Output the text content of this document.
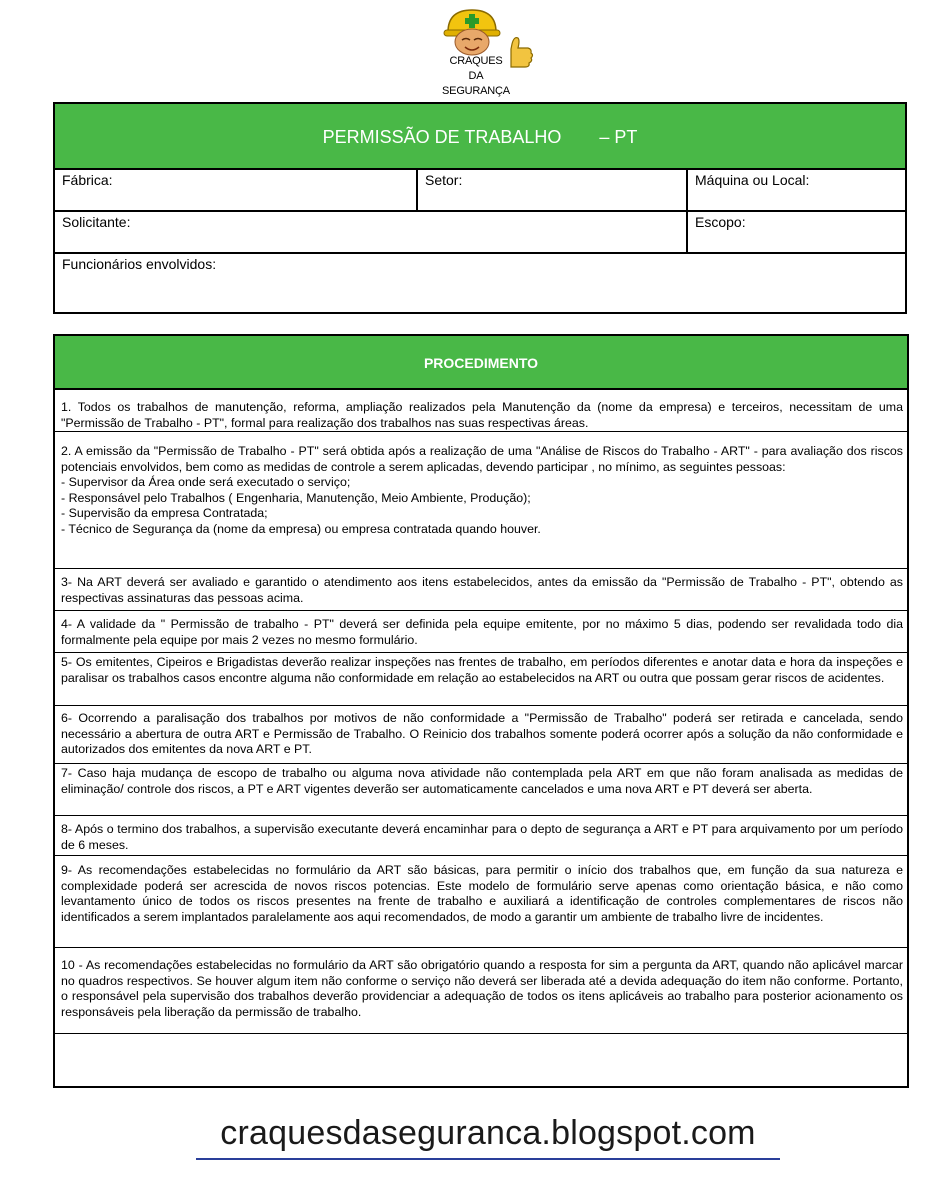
CRAQUES
DA
SEGURANÇA
PERMISSÃO DE TRABALHO – PT
Fábrica:	Setor:	Máquina ou Local:
Solicitante:	Escopo:
Funcionários envolvidos:
PROCEDIMENTO
1. Todos os trabalhos de manutenção, reforma, ampliação realizados pela Manutenção da (nome da empresa) e terceiros, necessitam de uma "Permissão de Trabalho - PT", formal para realização dos trabalhos nas suas respectivas áreas.
2. A emissão da "Permissão de Trabalho - PT" será obtida após a realização de uma "Análise de Riscos do Trabalho - ART" - para avaliação dos riscos potenciais envolvidos, bem como as medidas de controle a serem aplicadas, devendo participar , no mínimo, as seguintes pessoas:
- Supervisor da Área onde será executado o serviço;
- Responsável pelo Trabalhos ( Engenharia, Manutenção, Meio Ambiente, Produção);
- Supervisão da empresa Contratada;
- Técnico de Segurança da (nome da empresa) ou empresa contratada quando houver.
3- Na ART deverá ser avaliado e garantido o atendimento aos itens estabelecidos, antes da emissão da "Permissão de Trabalho - PT", obtendo as respectivas assinaturas das pessoas acima.
4- A validade da " Permissão de trabalho - PT" deverá ser definida pela equipe emitente, por no máximo 5 dias, podendo ser revalidada todo dia formalmente pela equipe por mais 2 vezes no mesmo formulário.
5- Os emitentes, Cipeiros e Brigadistas deverão realizar inspeções nas frentes de trabalho, em períodos diferentes e anotar data e hora da inspeções e paralisar os trabalhos casos encontre alguma não conformidade em relação ao estabelecidos na ART ou outra que possam gerar riscos de acidentes.
6- Ocorrendo a paralisação dos trabalhos por motivos de não conformidade a "Permissão de Trabalho" poderá ser retirada e cancelada, sendo necessário a abertura de outra ART e Permissão de Trabalho. O Reinicio dos trabalhos somente poderá ocorrer após a solução da não conformidade e autorizados dos emitentes da nova ART e PT.
7- Caso haja mudança de escopo de trabalho ou alguma nova atividade não contemplada pela ART em que não foram analisada as medidas de eliminação/ controle dos riscos, a PT e ART vigentes deverão ser automaticamente cancelados e uma nova ART e PT deverá ser aberta.
8- Após o termino dos trabalhos, a supervisão executante deverá encaminhar para o depto de segurança a ART e PT para arquivamento por um período de 6 meses.
9- As recomendações estabelecidas no formulário da ART são básicas, para permitir o início dos trabalhos que, em função da sua natureza e complexidade poderá ser acrescida de novos riscos potencias. Este modelo de formulário serve apenas como orientação básica, e não como levantamento único de todos os riscos presentes na frente de trabalho e auxiliará a identificação de controles complementares de riscos não identificados a serem implantados paralelamente aos aqui recomendados, de modo a garantir um ambiente de trabalho livre de incidentes.
10 - As recomendações estabelecidas no formulário da ART são obrigatório quando a resposta for sim a pergunta da ART, quando não aplicável marcar no quadros respectivos. Se houver algum item não conforme o serviço não deverá ser liberada até a devida adequação do item não conforme. Portanto, o responsável pela supervisão dos trabalhos deverão providenciar a adequação de todos os itens aplicáveis ao trabalho para posterior acionamento os responsáveis pela liberação da permissão de trabalho.
craquesdaseguranca.blogspot.com
